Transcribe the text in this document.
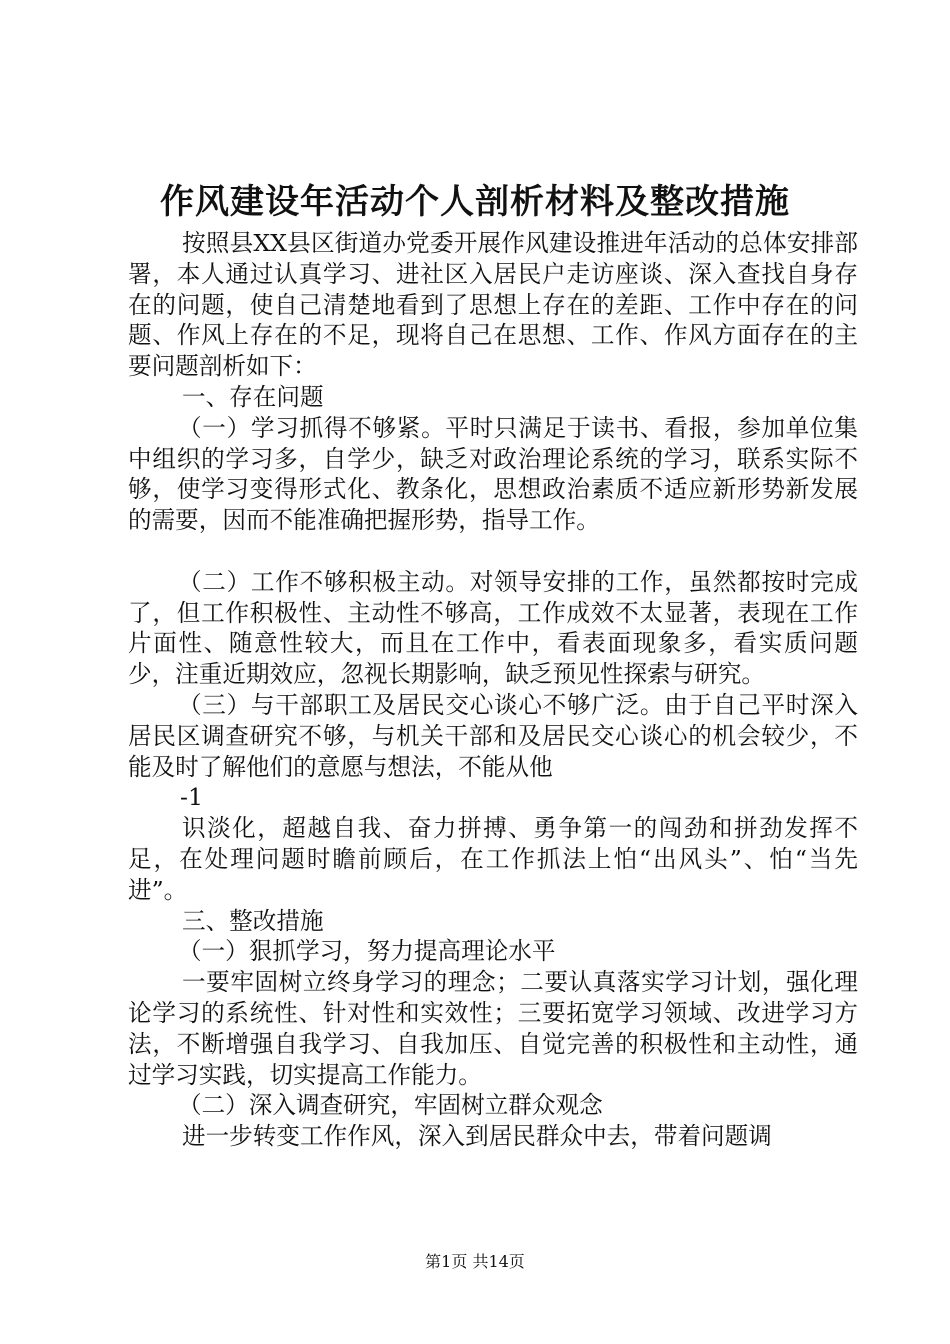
作风建设年活动个人剖析材料及整改措施

按照县XX县区街道办党委开展作风建设推进年活动的总体安排部署，本人通过认真学习、进社区入居民户走访座谈、深入查找自身存在的问题，使自己清楚地看到了思想上存在的差距、工作中存在的问题、作风上存在的不足，现将自己在思想、工作、作风方面存在的主要问题剖析如下：

一、存在问题

（一）学习抓得不够紧。平时只满足于读书、看报，参加单位集中组织的学习多，自学少，缺乏对政治理论系统的学习，联系实际不够，使学习变得形式化、教条化，思想政治素质不适应新形势新发展的需要，因而不能准确把握形势，指导工作。

（二）工作不够积极主动。对领导安排的工作，虽然都按时完成了，但工作积极性、主动性不够高，工作成效不太显著，表现在工作片面性、随意性较大，而且在工作中，看表面现象多，看实质问题少，注重近期效应，忽视长期影响，缺乏预见性探索与研究。

（三）与干部职工及居民交心谈心不够广泛。由于自己平时深入居民区调查研究不够，与机关干部和及居民交心谈心的机会较少，不能及时了解他们的意愿与想法，不能从他

-1

识淡化，超越自我、奋力拼搏、勇争第一的闯劲和拼劲发挥不足，在处理问题时瞻前顾后，在工作抓法上怕“出风头”、怕“当先进”。

三、整改措施

（一）狠抓学习，努力提高理论水平

一要牢固树立终身学习的理念；二要认真落实学习计划，强化理论学习的系统性、针对性和实效性；三要拓宽学习领域、改进学习方法，不断增强自我学习、自我加压、自觉完善的积极性和主动性，通过学习实践，切实提高工作能力。

（二）深入调查研究，牢固树立群众观念

进一步转变工作作风，深入到居民群众中去，带着问题调

第1页 共14页
